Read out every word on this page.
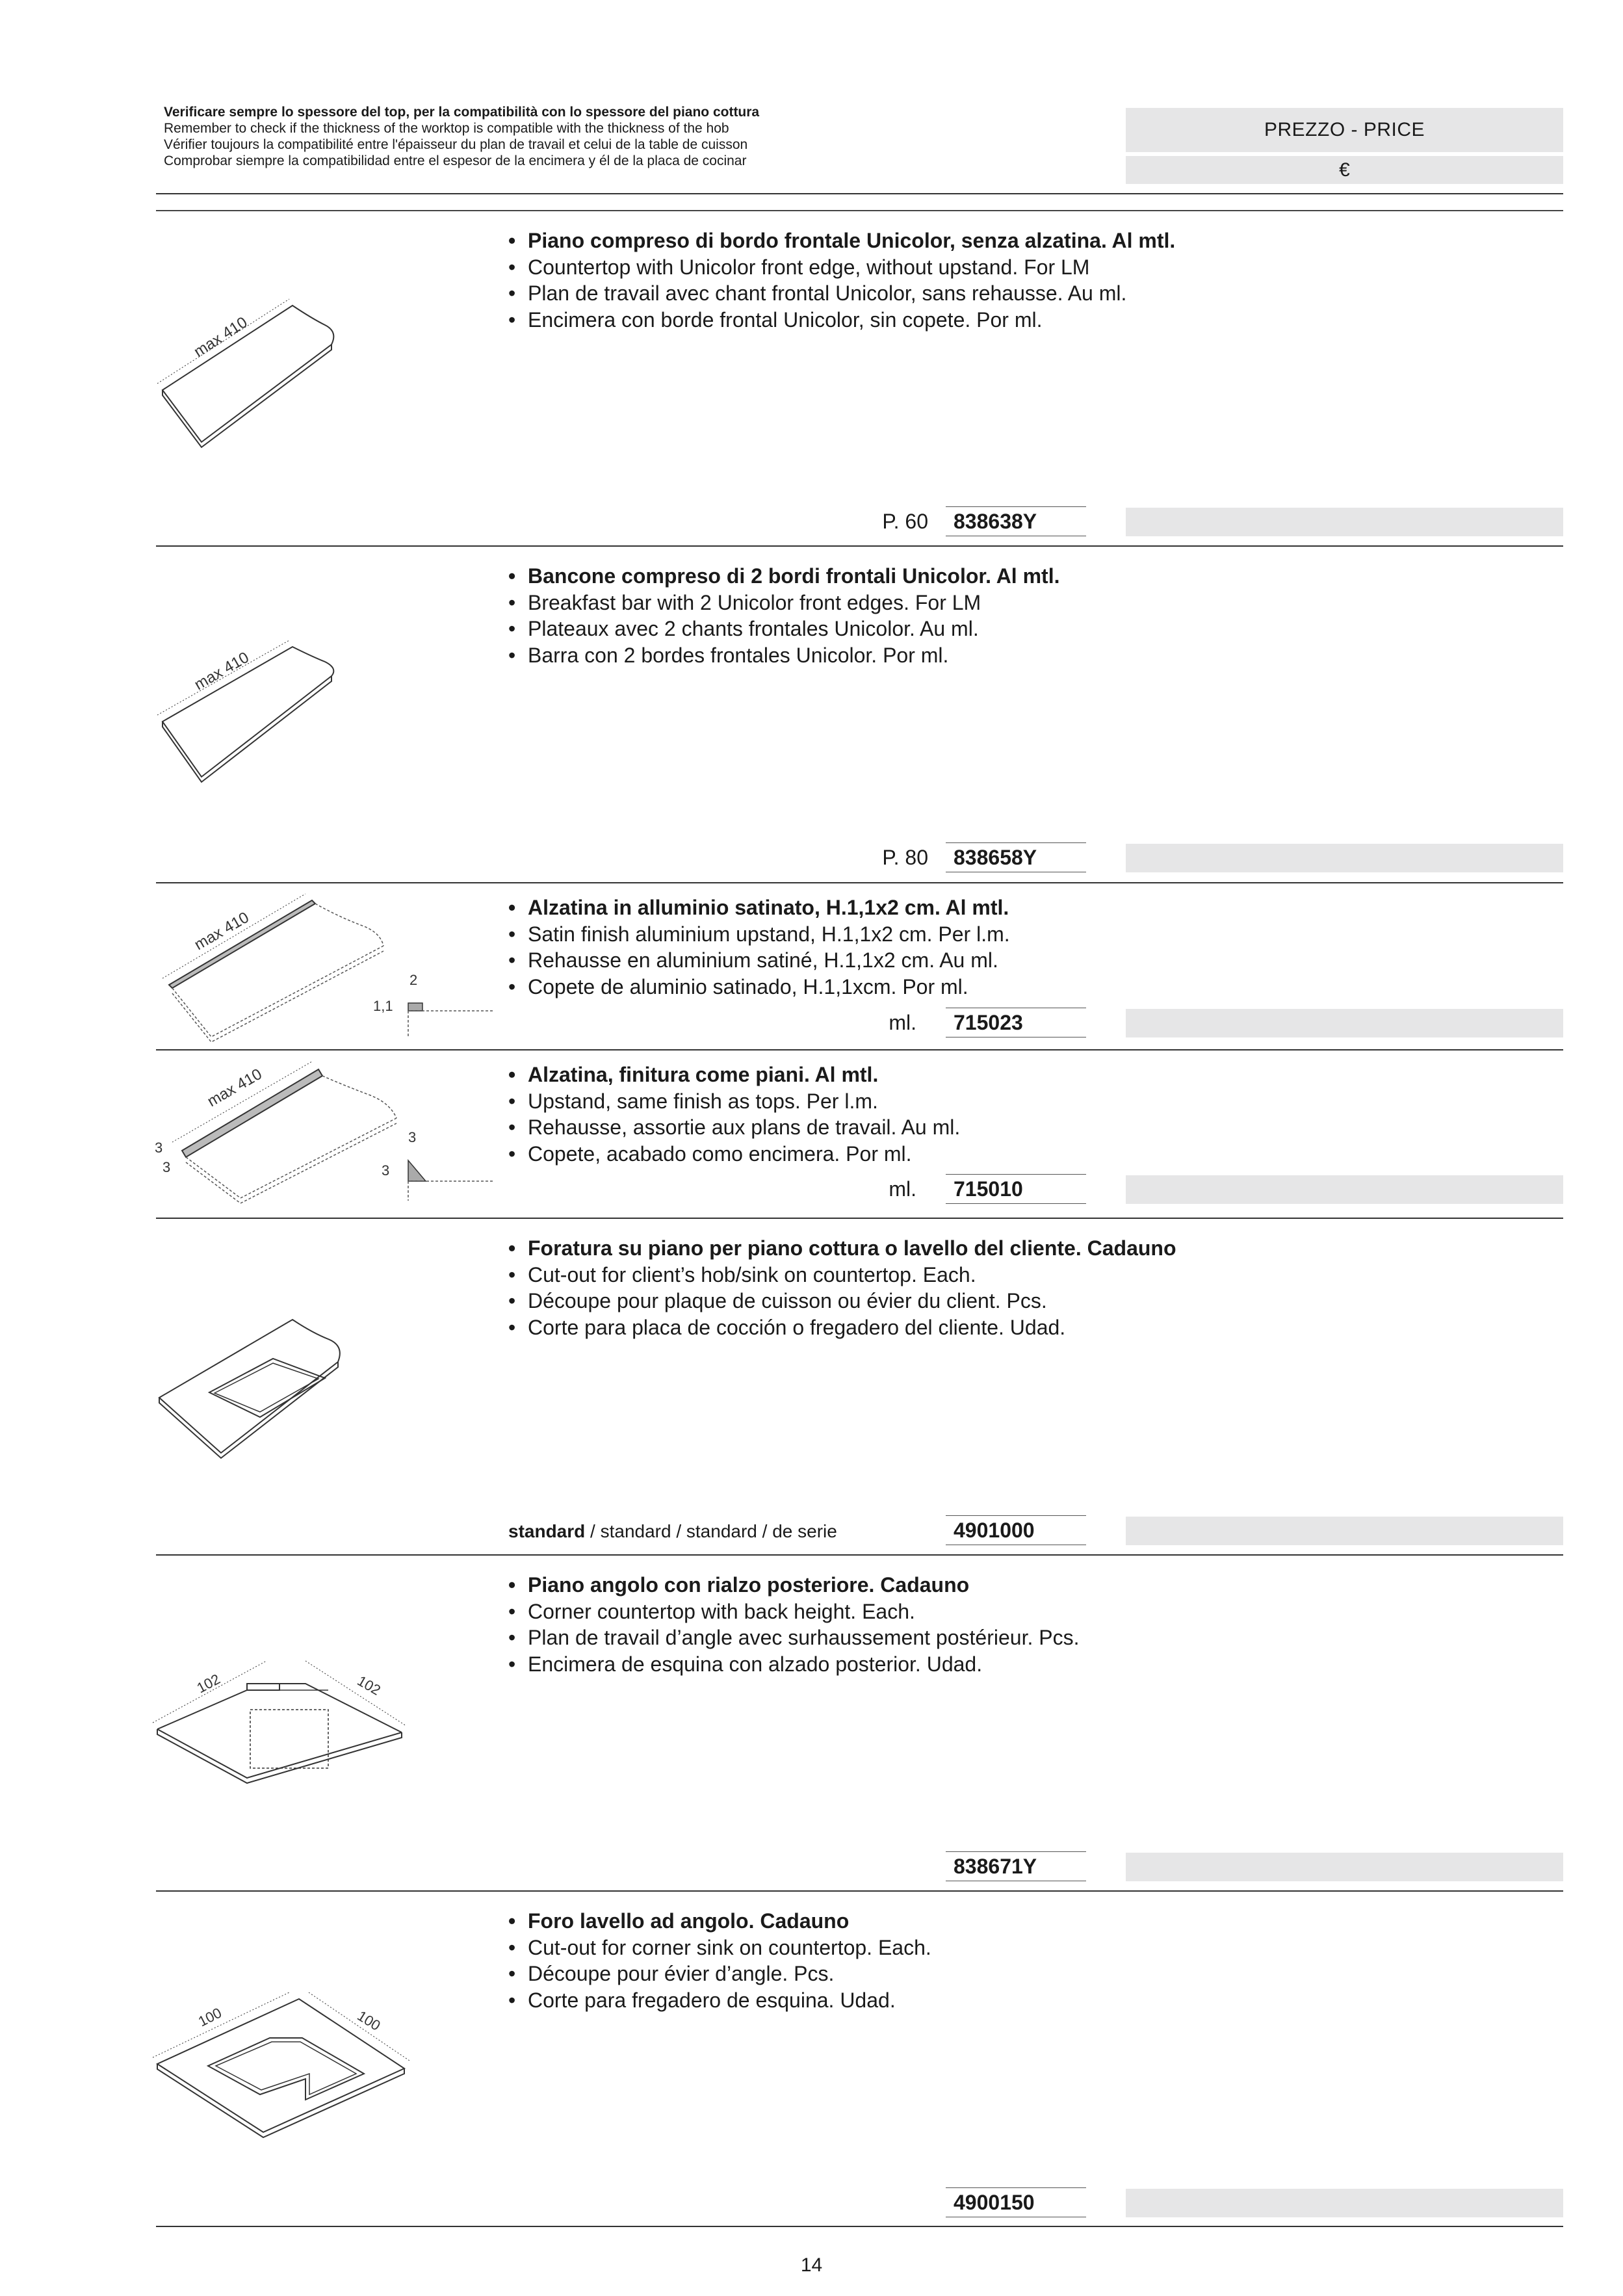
Verificare sempre lo spessore del top, per la compatibilità con lo spessore del piano cottura
Remember to check if the thickness of the worktop is compatible with the thickness of the hob
Vérifier toujours la compatibilité entre l'épaisseur du plan de travail et celui de la table de cuisson
Comprobar siempre la compatibilidad entre el espesor de la encimera y él de la placa de cocinar
PREZZO - PRICE
€
• Piano compreso di bordo frontale Unicolor, senza alzatina. Al mtl.
• Countertop with Unicolor front edge, without upstand. For LM
• Plan de travail avec chant frontal Unicolor, sans rehausse. Au ml.
• Encimera con borde frontal Unicolor, sin copete. Por ml.
max 410
P. 60	838638Y
• Bancone compreso di 2 bordi frontali Unicolor. Al mtl.
• Breakfast bar with 2 Unicolor front edges. For LM
• Plateaux avec 2 chants frontales Unicolor. Au ml.
• Barra con 2 bordes frontales Unicolor. Por ml.
max 410
P. 80	838658Y
• Alzatina in alluminio satinato, H.1,1x2 cm. Al mtl.
• Satin finish aluminium upstand, H.1,1x2 cm. Per l.m.
• Rehausse en aluminium satiné, H.1,1x2 cm. Au ml.
• Copete de aluminio satinado, H.1,1xcm. Por ml.
max 410
2
1,1
ml.	715023
• Alzatina, finitura come piani. Al mtl.
• Upstand, same finish as tops. Per l.m.
• Rehausse, assortie aux plans de travail. Au ml.
• Copete, acabado como encimera. Por ml.
max 410
3
3
3
3
ml.	715010
• Foratura su piano per piano cottura o lavello del cliente. Cadauno
• Cut-out for client’s hob/sink on countertop. Each.
• Découpe pour plaque de cuisson ou évier du client. Pcs.
• Corte para placa de cocción o fregadero del cliente. Udad.
standard / standard / standard / de serie	4901000
• Piano angolo con rialzo posteriore. Cadauno
• Corner countertop with back height. Each.
• Plan de travail d’angle avec surhaussement postérieur. Pcs.
• Encimera de esquina con alzado posterior. Udad.
102	102
838671Y
• Foro lavello ad angolo. Cadauno
• Cut-out for corner sink on countertop. Each.
• Découpe pour évier d’angle. Pcs.
• Corte para fregadero de esquina. Udad.
100	100
4900150
14
